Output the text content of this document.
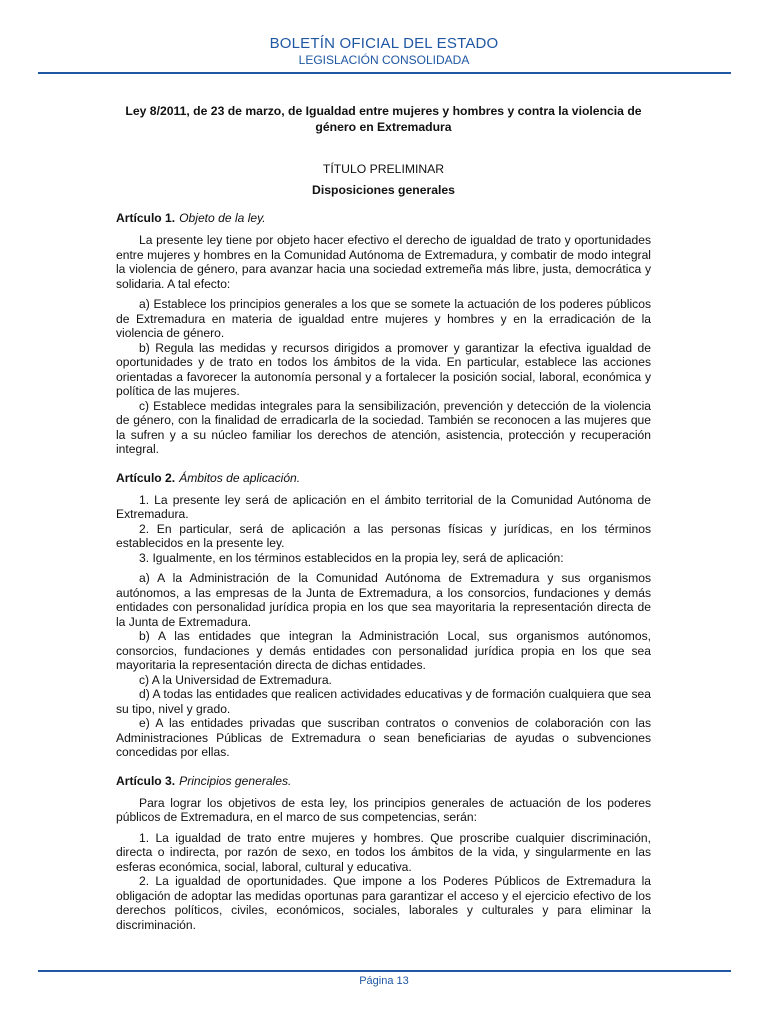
BOLETÍN OFICIAL DEL ESTADO
LEGISLACIÓN CONSOLIDADA
Ley 8/2011, de 23 de marzo, de Igualdad entre mujeres y hombres y contra la violencia de género en Extremadura
TÍTULO PRELIMINAR
Disposiciones generales
Artículo 1. Objeto de la ley.

La presente ley tiene por objeto hacer efectivo el derecho de igualdad de trato y oportunidades entre mujeres y hombres en la Comunidad Autónoma de Extremadura, y combatir de modo integral la violencia de género, para avanzar hacia una sociedad extremeña más libre, justa, democrática y solidaria. A tal efecto:

a) Establece los principios generales a los que se somete la actuación de los poderes públicos de Extremadura en materia de igualdad entre mujeres y hombres y en la erradicación de la violencia de género.

b) Regula las medidas y recursos dirigidos a promover y garantizar la efectiva igualdad de oportunidades y de trato en todos los ámbitos de la vida. En particular, establece las acciones orientadas a favorecer la autonomía personal y a fortalecer la posición social, laboral, económica y política de las mujeres.

c) Establece medidas integrales para la sensibilización, prevención y detección de la violencia de género, con la finalidad de erradicarla de la sociedad. También se reconocen a las mujeres que la sufren y a su núcleo familiar los derechos de atención, asistencia, protección y recuperación integral.

Artículo 2. Ámbitos de aplicación.

1. La presente ley será de aplicación en el ámbito territorial de la Comunidad Autónoma de Extremadura.

2. En particular, será de aplicación a las personas físicas y jurídicas, en los términos establecidos en la presente ley.

3. Igualmente, en los términos establecidos en la propia ley, será de aplicación:

a) A la Administración de la Comunidad Autónoma de Extremadura y sus organismos autónomos, a las empresas de la Junta de Extremadura, a los consorcios, fundaciones y demás entidades con personalidad jurídica propia en los que sea mayoritaria la representación directa de la Junta de Extremadura.

b) A las entidades que integran la Administración Local, sus organismos autónomos, consorcios, fundaciones y demás entidades con personalidad jurídica propia en los que sea mayoritaria la representación directa de dichas entidades.

c) A la Universidad de Extremadura.

d) A todas las entidades que realicen actividades educativas y de formación cualquiera que sea su tipo, nivel y grado.

e) A las entidades privadas que suscriban contratos o convenios de colaboración con las Administraciones Públicas de Extremadura o sean beneficiarias de ayudas o subvenciones concedidas por ellas.

Artículo 3. Principios generales.

Para lograr los objetivos de esta ley, los principios generales de actuación de los poderes públicos de Extremadura, en el marco de sus competencias, serán:

1. La igualdad de trato entre mujeres y hombres. Que proscribe cualquier discriminación, directa o indirecta, por razón de sexo, en todos los ámbitos de la vida, y singularmente en las esferas económica, social, laboral, cultural y educativa.

2. La igualdad de oportunidades. Que impone a los Poderes Públicos de Extremadura la obligación de adoptar las medidas oportunas para garantizar el acceso y el ejercicio efectivo de los derechos políticos, civiles, económicos, sociales, laborales y culturales y para eliminar la discriminación.

Página 13
